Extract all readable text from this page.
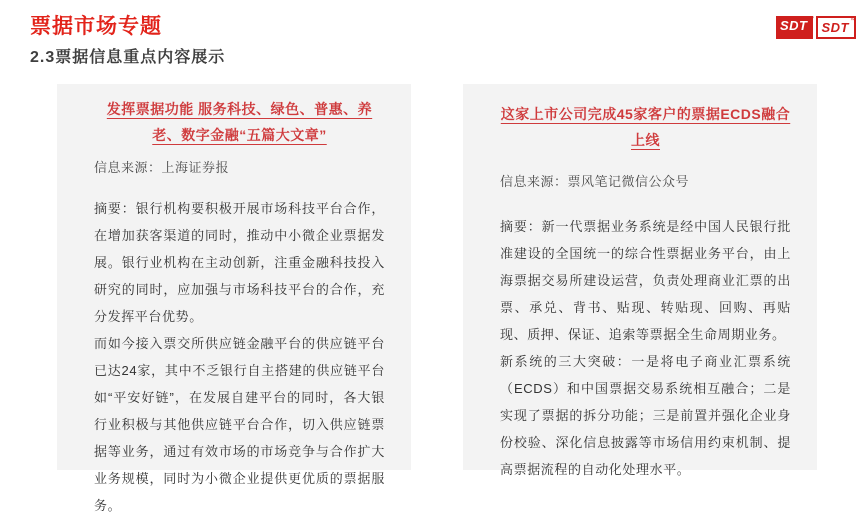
票据市场专题	SDT ™
SDT ™
2.3票据信息重点内容展示
发挥票据功能 服务科技、绿色、普惠、养老、数字金融“五篇大文章”
信息来源：上海证券报

摘要：银行机构要积极开展市场科技平台合作，在增加获客渠道的同时，推动中小微企业票据发展。银行业机构在主动创新，注重金融科技投入研究的同时，应加强与市场科技平台的合作，充分发挥平台优势。

而如今接入票交所供应链金融平台的供应链平台已达24家，其中不乏银行自主搭建的供应链平台如“平安好链”，在发展自建平台的同时，各大银行业积极与其他供应链平台合作，切入供应链票据等业务，通过有效市场的市场竞争与合作扩大业务规模，同时为小微企业提供更优质的票据服务。

这家上市公司完成45家客户的票据ECDS融合上线
信息来源：票风笔记微信公众号

摘要：新一代票据业务系统是经中国人民银行批准建设的全国统一的综合性票据业务平台，由上海票据交易所建设运营，负责处理商业汇票的出票、承兑、背书、贴现、转贴现、回购、再贴现、质押、保证、追索等票据全生命周期业务。

新系统的三大突破：一是将电子商业汇票系统（ECDS）和中国票据交易系统相互融合；二是实现了票据的拆分功能；三是前置并强化企业身份校验、深化信息披露等市场信用约束机制、提高票据流程的自动化处理水平。
